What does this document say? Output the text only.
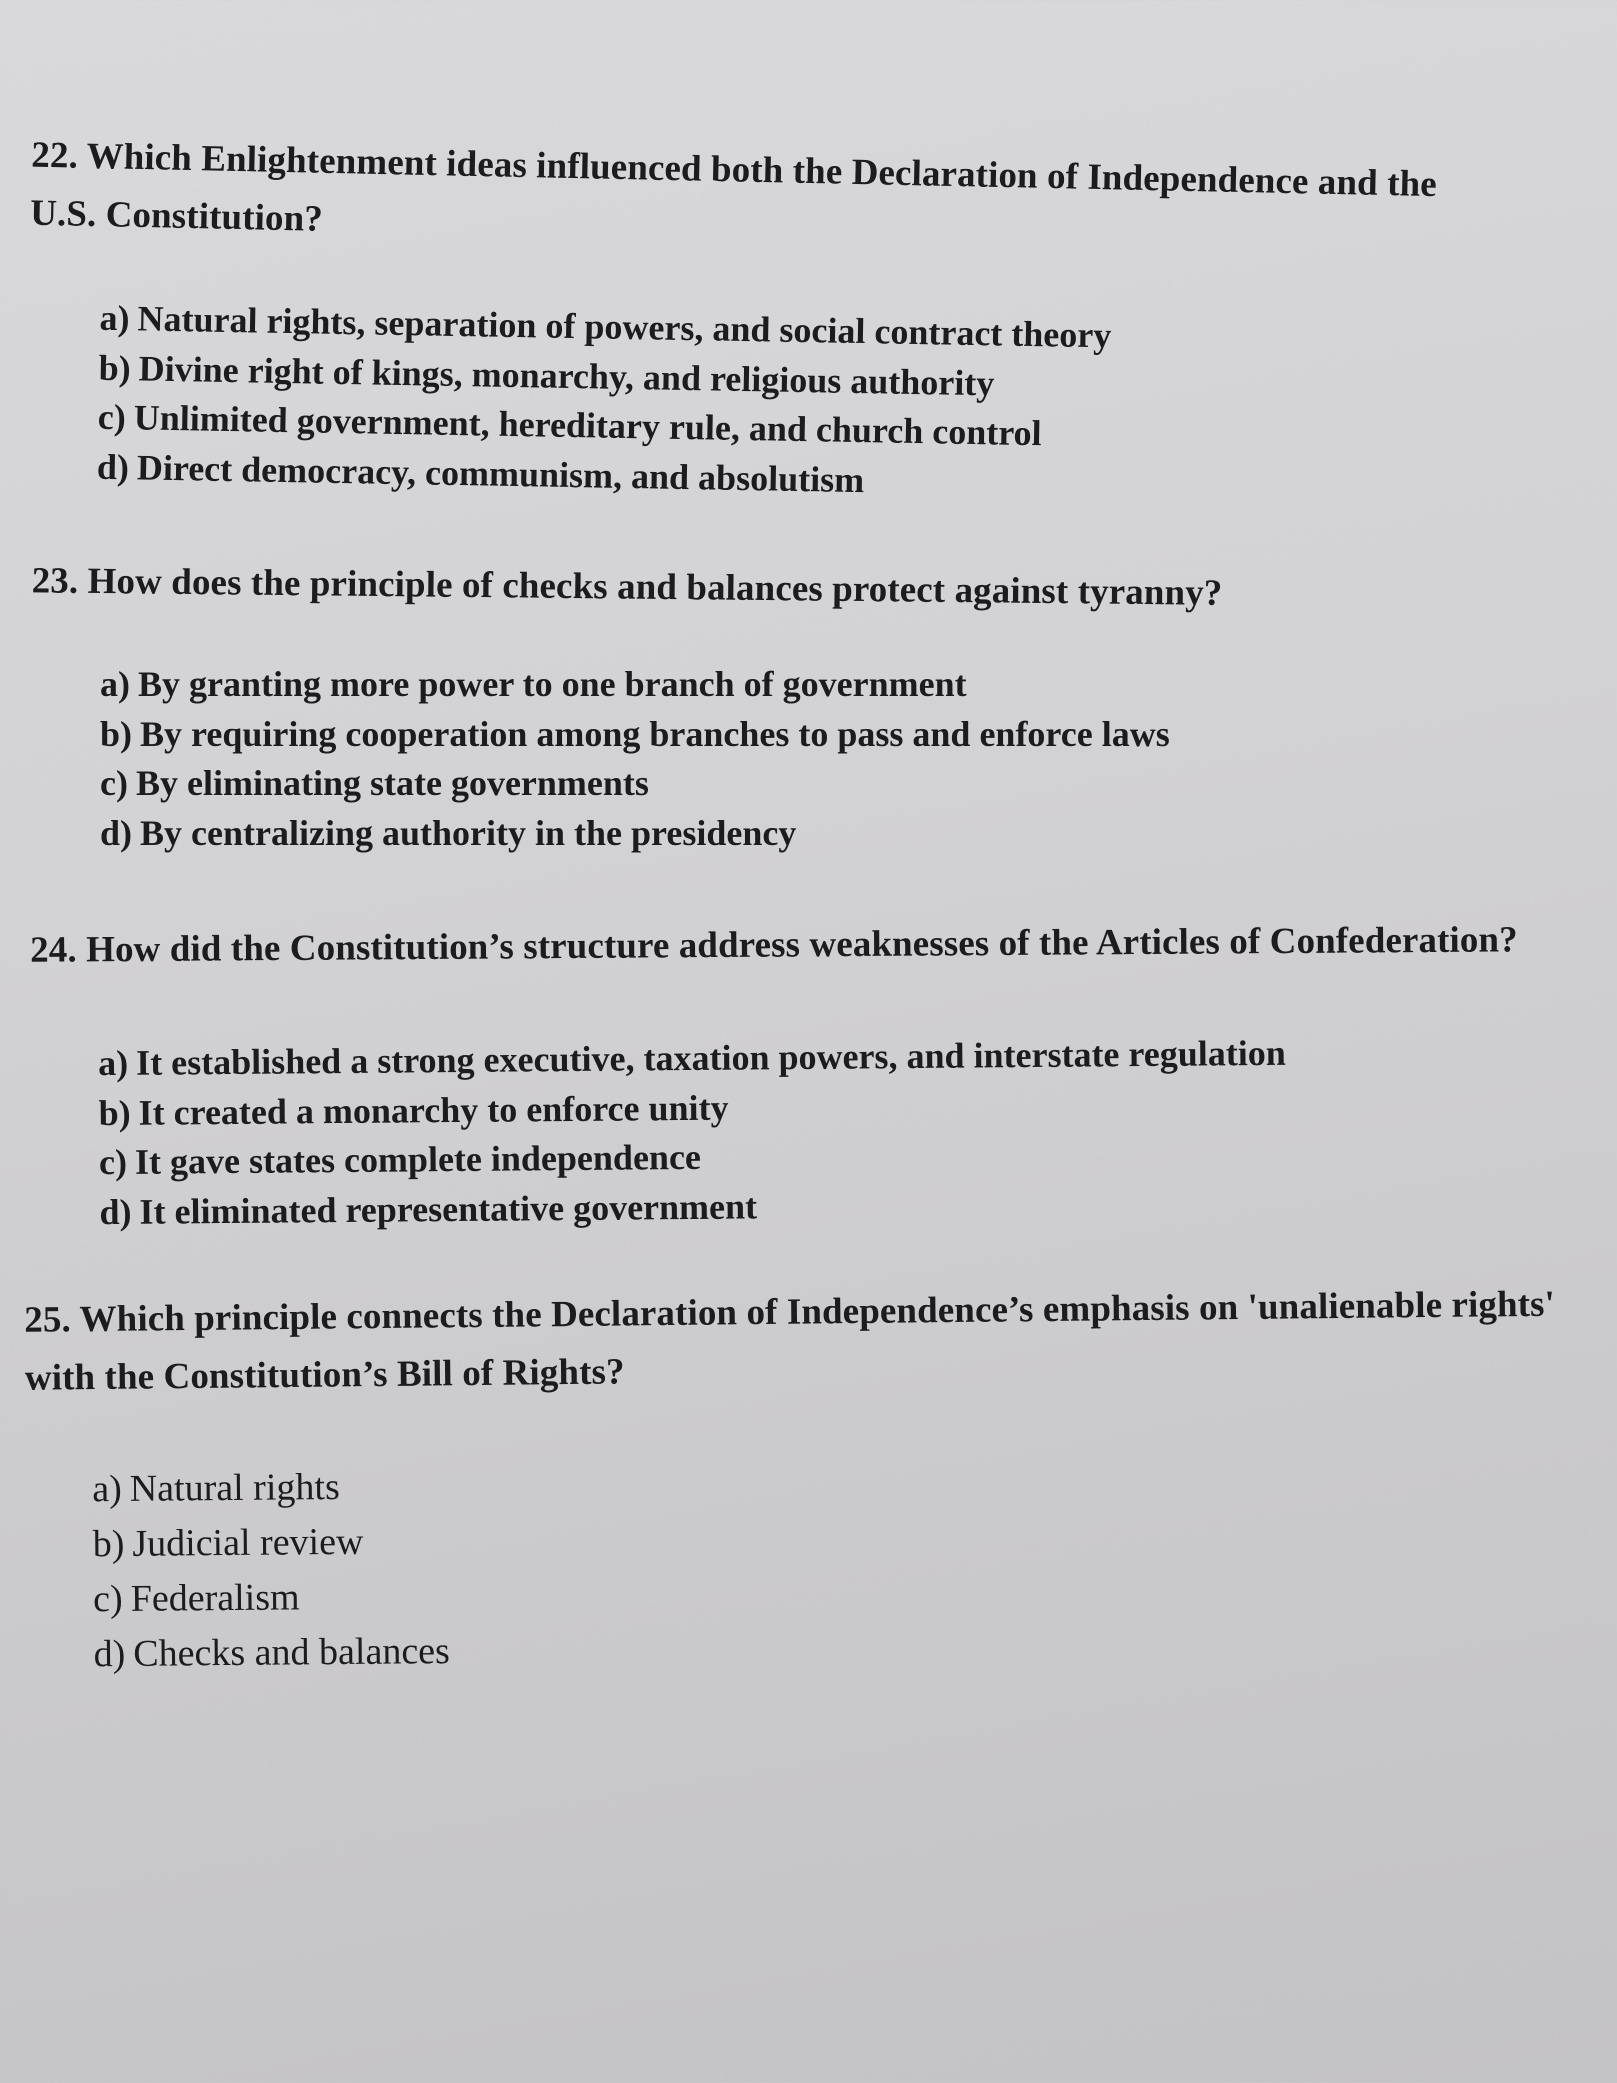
22. Which Enlightenment ideas influenced both the Declaration of Independence and the U.S. Constitution?

a) Natural rights, separation of powers, and social contract theory
b) Divine right of kings, monarchy, and religious authority
c) Unlimited government, hereditary rule, and church control
d) Direct democracy, communism, and absolutism

23. How does the principle of checks and balances protect against tyranny?

a) By granting more power to one branch of government
b) By requiring cooperation among branches to pass and enforce laws
c) By eliminating state governments
d) By centralizing authority in the presidency

24. How did the Constitution’s structure address weaknesses of the Articles of Confederation?

a) It established a strong executive, taxation powers, and interstate regulation
b) It created a monarchy to enforce unity
c) It gave states complete independence
d) It eliminated representative government

25. Which principle connects the Declaration of Independence’s emphasis on 'unalienable rights' with the Constitution’s Bill of Rights?

a) Natural rights
b) Judicial review
c) Federalism
d) Checks and balances
